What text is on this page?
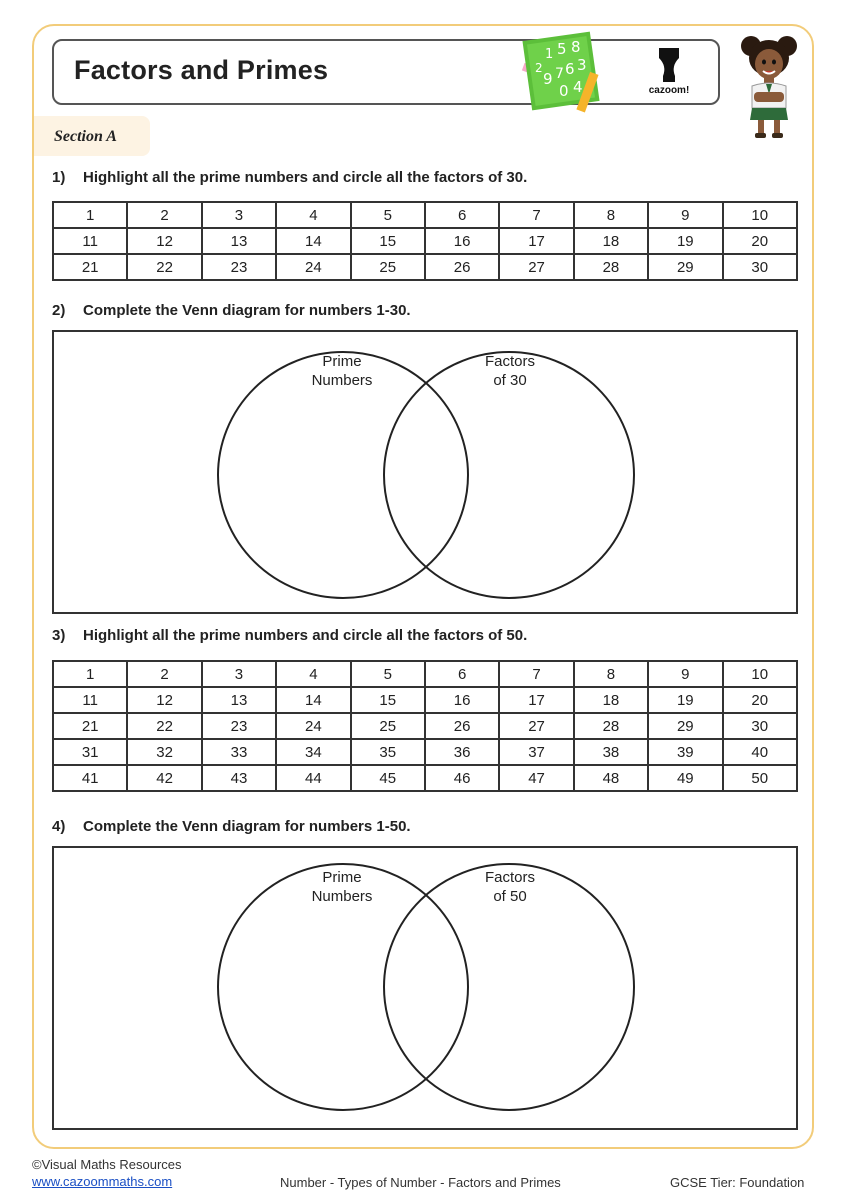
Factors and Primes
1 5 8
2
9 7 6 3
0 4	cazoom!
Section A
1) Highlight all the prime numbers and circle all the factors of 30.
1	2	3	4	5	6	7	8	9	10
11	12	13	14	15	16	17	18	19	20
21	22	23	24	25	26	27	28	29	30
2) Complete the Venn diagram for numbers 1-30.
Prime
Numbers
Factors
of 30
3) Highlight all the prime numbers and circle all the factors of 50.
1	2	3	4	5	6	7	8	9	10
11	12	13	14	15	16	17	18	19	20
21	22	23	24	25	26	27	28	29	30
31	32	33	34	35	36	37	38	39	40
41	42	43	44	45	46	47	48	49	50
4) Complete the Venn diagram for numbers 1-50.
Prime
Numbers
Factors
of 50
©Visual Maths Resources
www.cazoommaths.com	Number - Types of Number - Factors and Primes	GCSE Tier: Foundation
